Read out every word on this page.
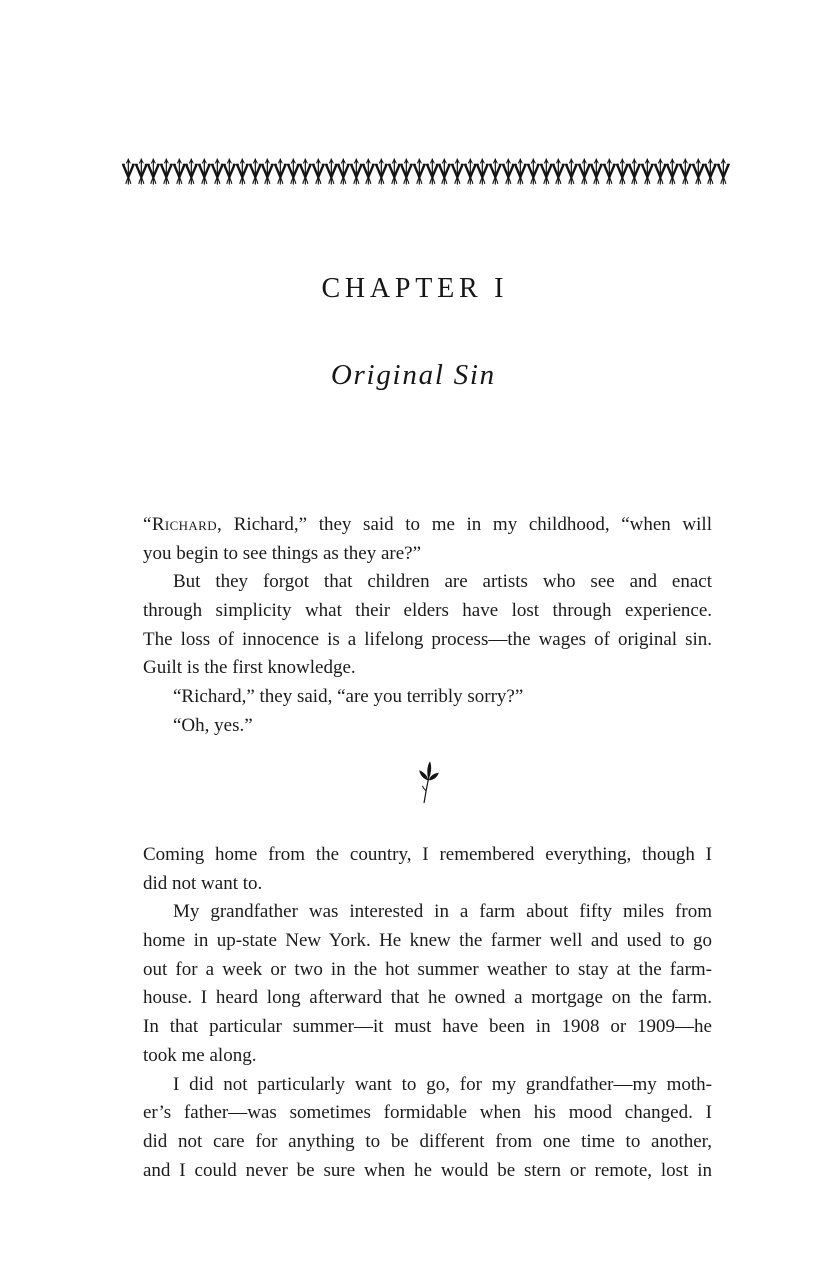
CHAPTER I
Original Sin
“Richard, Richard,” they said to me in my childhood, “when will
you begin to see things as they are?”
But they forgot that children are artists who see and enact
through simplicity what their elders have lost through experience.
The loss of innocence is a lifelong process—the wages of original sin.
Guilt is the first knowledge.
“Richard,” they said, “are you terribly sorry?”
“Oh, yes.”
Coming home from the country, I remembered everything, though I
did not want to.
My grandfather was interested in a farm about fifty miles from
home in up-state New York. He knew the farmer well and used to go
out for a week or two in the hot summer weather to stay at the farm-
house. I heard long afterward that he owned a mortgage on the farm.
In that particular summer—it must have been in 1908 or 1909—he
took me along.
I did not particularly want to go, for my grandfather—my moth-
er’s father—was sometimes formidable when his mood changed. I
did not care for anything to be different from one time to another,
and I could never be sure when he would be stern or remote, lost in
